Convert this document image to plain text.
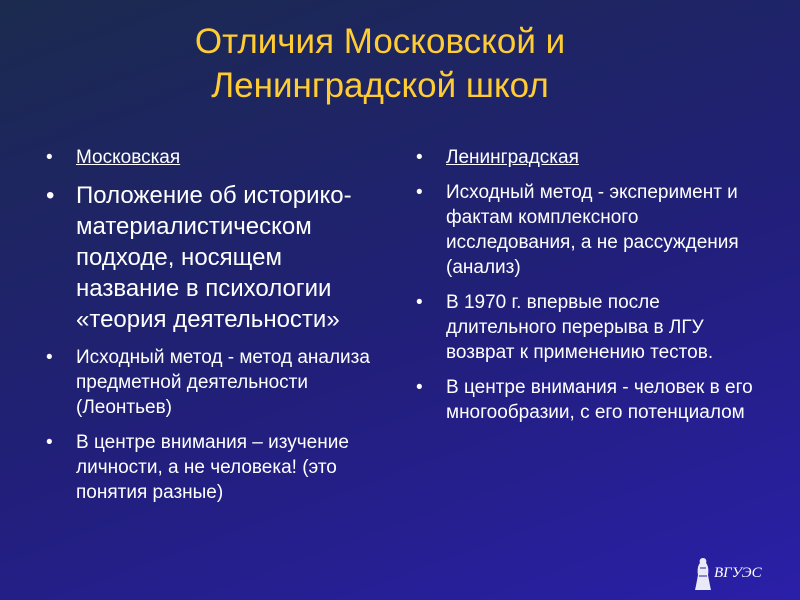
Отличия Московской и
Ленинградской школ
• Московская
• Положение об историко-материалистическом подходе, носящем название в психологии «теория деятельности»
• Исходный метод - метод анализа предметной деятельности (Леонтьев)
• В центре внимания – изучение личности, а не человека! (это понятия разные)
• Ленинградская
• Исходный метод - эксперимент и фактам комплексного исследования, а не рассуждения (анализ)
• В 1970 г. впервые после длительного перерыва в ЛГУ возврат к применению тестов.
• В центре внимания - человек в его многообразии, с его потенциалом
ВГУЭС
